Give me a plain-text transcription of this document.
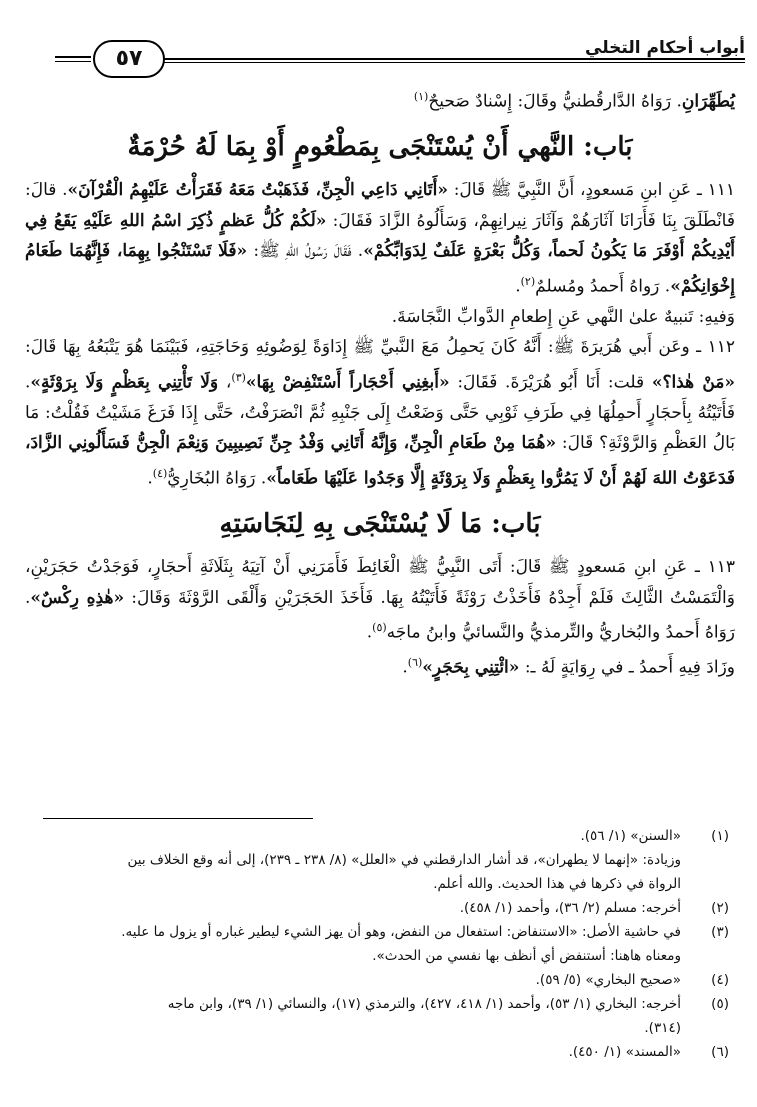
أبواب أحكام التخلي
٥٧

يُطَهِّرَانِ. رَوَاهُ الدَّارقُطنيُّ وقَالَ: إِسْنادٌ صَحيحٌ$^{(١)}$

بَاب: النَّهي أَنْ يُسْتَنْجَى بِمَطْعُومٍ أَوْ بِمَا لَهُ حُرْمَةٌ

١١١ ـ عَنِ ابنِ مَسعودٍ، أَنَّ النَّبِيَّ ﷺ قَالَ: «أَتَانِي دَاعِي الْجِنِّ، فَذَهَبْتُ مَعَهُ فَقَرَأْتُ عَلَيْهِمُ الْقُرْآنَ». قالَ: فَانْطَلَقَ بِنَا فَأَرَانَا آثَارَهُمْ وَآثَارَ نِيرانِهِمْ، وَسَأَلُوهُ الزَّادَ فَقَالَ: «لَكُمْ كُلُّ عَظمٍ ذُكِرَ اسْمُ اللهِ عَلَيْهِ يَقَعُ فِي أَيْدِيكُمْ أَوْفَرَ مَا يَكُونُ لَحماً، وَكُلُّ بَعْرَةٍ عَلَفٌ لِدَوَابِّكُمْ». فَقَالَ رَسُولُ اللهِ ﷺ: «فَلَا تَسْتَنْجُوا بِهِمَا، فَإِنَّهُمَا طَعَامُ إِخْوَانِكُمْ». رَواهُ أَحمدُ ومُسلمٌ$^{(٢)}$.

وَفيهِ: تَنبيهٌ علىٰ النَّهي عَنِ إِطعامِ الدَّوابِّ النَّجَاسَةَ.

١١٢ ـ وعَن أَبي هُرَيرَةَ ﷺ: أَنَّهُ كَانَ يَحمِلُ مَعَ النَّبيِّ ﷺ إِدَاوَةً لِوَضُوئِهِ وَحَاجَتِهِ، فَبَيْنَمَا هُوَ يَتْبَعُهُ بِهَا قَالَ: «مَنْ هٰذا؟» قلت: أَنَا أَبُو هُرَيْرَةَ. فَقَالَ: «أَبغِنِي أَحْجَاراً أَسْتَنْفِضْ بِهَا»$^{(٣)}$، وَلَا تَأْتِنِي بِعَظْمٍ وَلَا بِرَوْثَةٍ». فَأَتَيْتُهُ بِأَحجَارٍ أَحمِلُهَا فِي طَرَفِ ثَوْبِي حَتَّى وَضَعْتُ إِلَى جَنْبِهِ ثُمَّ انْصَرَفْتُ، حَتَّى إِذَا فَرَغَ مَشَيْتُ فَقُلْتُ: مَا بَالُ العَظْمِ وَالرَّوْثَةِ؟ قَالَ: «هُمَا مِنْ طَعَامِ الْجِنِّ، وَإِنَّهُ أَتَانِي وَفْدُ جِنِّ نَصِيبِينَ وَنِعْمَ الْجِنُّ فَسَأَلُونِي الزَّادَ، فَدَعَوْتُ اللهَ لَهُمْ أَنْ لَا يَمُرُّوا بِعَظْمٍ وَلَا بِرَوْثَةٍ إِلَّا وَجَدُوا عَلَيْهَا طَعَاماً». رَوَاهُ البُخَارِيُّ$^{(٤)}$.

بَاب: مَا لَا يُسْتَنْجَى بِهِ لِنَجَاسَتِهِ

١١٣ ـ عَنِ ابنِ مَسعودٍ ﷺ قَالَ: أَتَى النَّبِيُّ ﷺ الْغَائِطَ فَأَمَرَنِي أَنْ آتِيَهُ بِثَلَاثَةِ أَحجَارٍ، فَوَجَدْتُ حَجَرَيْنِ، وَالْتَمَسْتُ الثَّالِثَ فَلَمْ أَجِدْهُ فَأَخَذْتُ رَوْثَةً فَأَتَيْتُهُ بِهَا. فَأَخَذَ الحَجَرَيْنِ وَأَلْقَى الرَّوْثَةَ وَقَالَ: «هٰذِهِ رِكْسٌ». رَوَاهُ أَحمدُ والبُخاريُّ والتِّرمذيُّ والنَّسائيُّ وابنُ ماجَه$^{(٥)}$.

وزَادَ فِيهِ أَحمدُ ـ في رِوَايَةٍ لَهُ ـ: «ائْتِنِي بِحَجَرٍ»$^{(٦)}$.

(١)
«السنن» (١/ ٥٦).
وزيادة: «إنهما لا يطهران»، قد أشار الدارقطني في «العلل» (٨/ ٢٣٨ ـ ٢٣٩)، إلى أنه وقع الخلاف بين
الرواة في ذكرها في هذا الحديث. والله أعلم.
(٢)
أخرجه: مسلم (٢/ ٣٦)، وأحمد (١/ ٤٥٨).
(٣)
في حاشية الأصل: «الاستنفاض: استفعال من النفض، وهو أن يهز الشيء ليطير غباره أو يزول ما عليه.
ومعناه هاهنا: أستنفض أي أنظف بها نفسي من الحدث».
(٤)
«صحيح البخاري» (٥/ ٥٩).
(٥)
أخرجه: البخاري (١/ ٥٣)، وأحمد (١/ ٤١٨، ٤٢٧)، والترمذي (١٧)، والنسائي (١/ ٣٩)، وابن ماجه
(٣١٤).
(٦)
«المسند» (١/ ٤٥٠).
